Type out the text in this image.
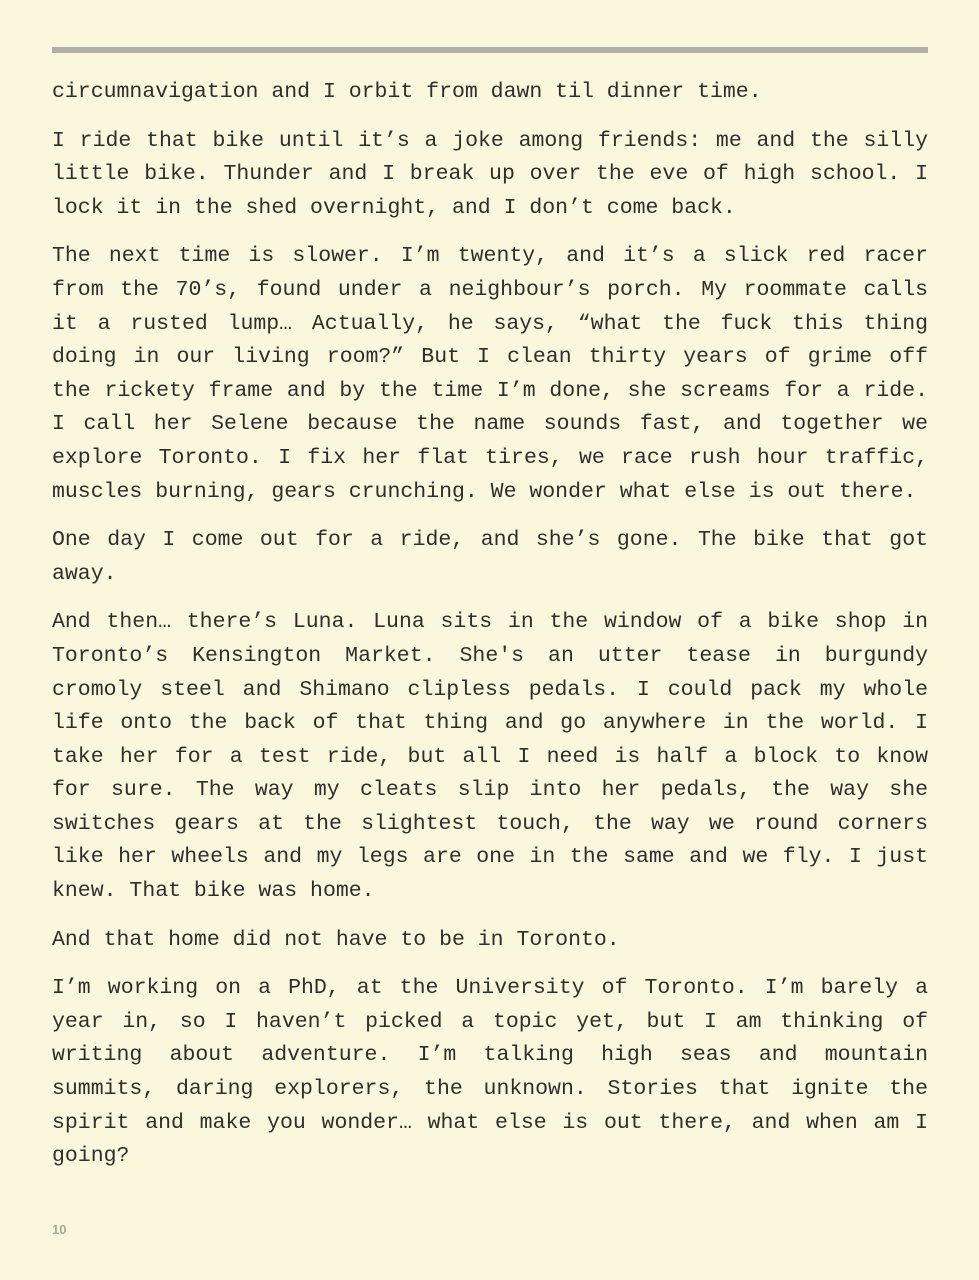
circumnavigation and I orbit from dawn til dinner time.

I ride that bike until it’s a joke among friends: me and the silly little bike. Thunder and I break up over the eve of high school. I lock it in the shed overnight, and I don’t come back.

The next time is slower. I’m twenty, and it’s a slick red racer from the 70’s, found under a neighbour’s porch. My roommate calls it a rusted lump… Actually, he says, “what the fuck this thing doing in our living room?” But I clean thirty years of grime off the rickety frame and by the time I’m done, she screams for a ride. I call her Selene because the name sounds fast, and together we explore Toronto. I fix her flat tires, we race rush hour traffic, muscles burning, gears crunching. We wonder what else is out there.

One day I come out for a ride, and she’s gone. The bike that got away.

And then… there’s Luna. Luna sits in the window of a bike shop in Toronto’s Kensington Market. She's an utter tease in burgundy cromoly steel and Shimano clipless pedals. I could pack my whole life onto the back of that thing and go anywhere in the world. I take her for a test ride, but all I need is half a block to know for sure. The way my cleats slip into her pedals, the way she switches gears at the slightest touch, the way we round corners like her wheels and my legs are one in the same and we fly. I just knew. That bike was home.

And that home did not have to be in Toronto.

I’m working on a PhD, at the University of Toronto. I’m barely a year in, so I haven’t picked a topic yet, but I am thinking of writing about adventure. I’m talking high seas and mountain summits, daring explorers, the unknown. Stories that ignite the spirit and make you wonder… what else is out there, and when am I going?

10
